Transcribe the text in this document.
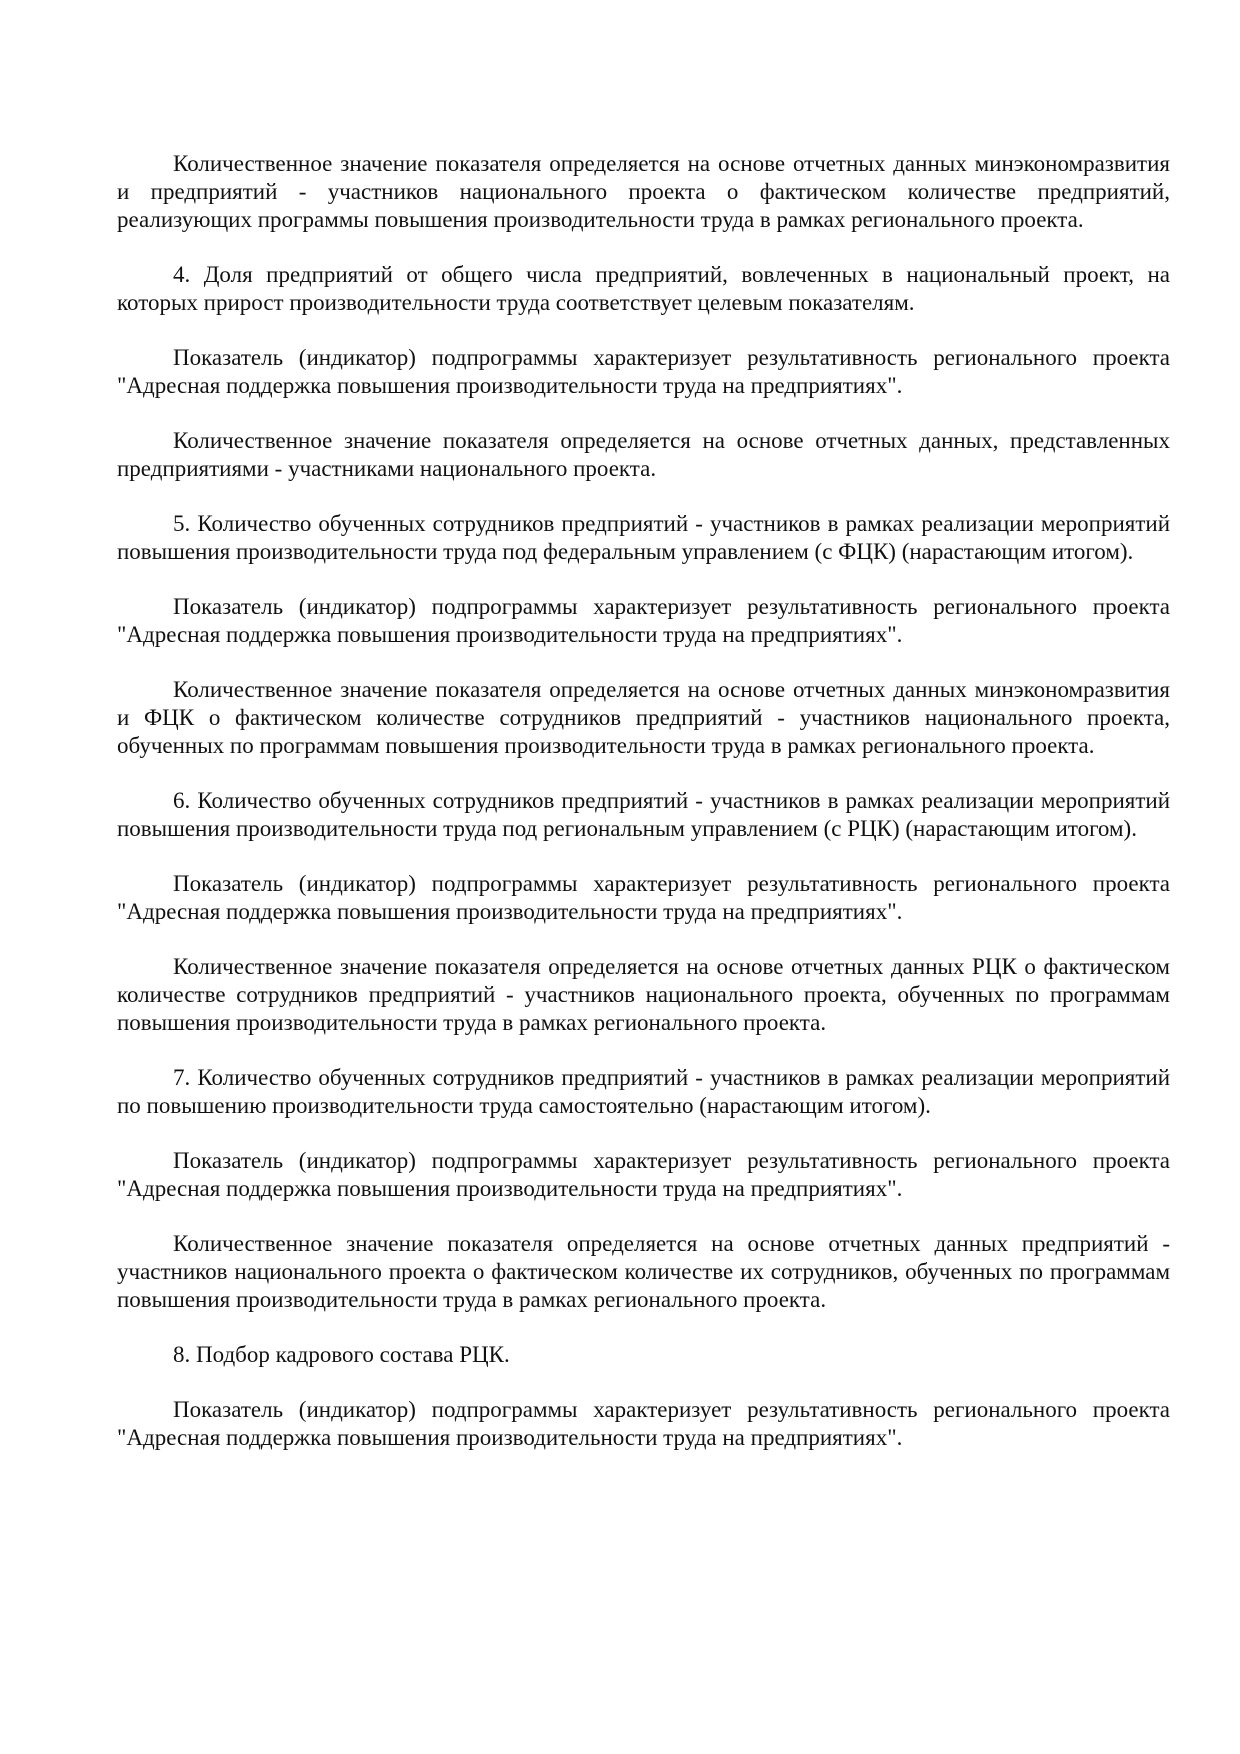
Количественное значение показателя определяется на основе отчетных данных минэкономразвития и предприятий - участников национального проекта о фактическом количестве предприятий, реализующих программы повышения производительности труда в рамках регионального проекта.

4. Доля предприятий от общего числа предприятий, вовлеченных в национальный проект, на которых прирост производительности труда соответствует целевым показателям.

Показатель (индикатор) подпрограммы характеризует результативность регионального проекта "Адресная поддержка повышения производительности труда на предприятиях".

Количественное значение показателя определяется на основе отчетных данных, представленных предприятиями - участниками национального проекта.

5. Количество обученных сотрудников предприятий - участников в рамках реализации мероприятий повышения производительности труда под федеральным управлением (с ФЦК) (нарастающим итогом).

Показатель (индикатор) подпрограммы характеризует результативность регионального проекта "Адресная поддержка повышения производительности труда на предприятиях".

Количественное значение показателя определяется на основе отчетных данных минэкономразвития и ФЦК о фактическом количестве сотрудников предприятий - участников национального проекта, обученных по программам повышения производительности труда в рамках регионального проекта.

6. Количество обученных сотрудников предприятий - участников в рамках реализации мероприятий повышения производительности труда под региональным управлением (с РЦК) (нарастающим итогом).

Показатель (индикатор) подпрограммы характеризует результативность регионального проекта "Адресная поддержка повышения производительности труда на предприятиях".

Количественное значение показателя определяется на основе отчетных данных РЦК о фактическом количестве сотрудников предприятий - участников национального проекта, обученных по программам повышения производительности труда в рамках регионального проекта.

7. Количество обученных сотрудников предприятий - участников в рамках реализации мероприятий по повышению производительности труда самостоятельно (нарастающим итогом).

Показатель (индикатор) подпрограммы характеризует результативность регионального проекта "Адресная поддержка повышения производительности труда на предприятиях".

Количественное значение показателя определяется на основе отчетных данных предприятий - участников национального проекта о фактическом количестве их сотрудников, обученных по программам повышения производительности труда в рамках регионального проекта.

8. Подбор кадрового состава РЦК.

Показатель (индикатор) подпрограммы характеризует результативность регионального проекта "Адресная поддержка повышения производительности труда на предприятиях".
